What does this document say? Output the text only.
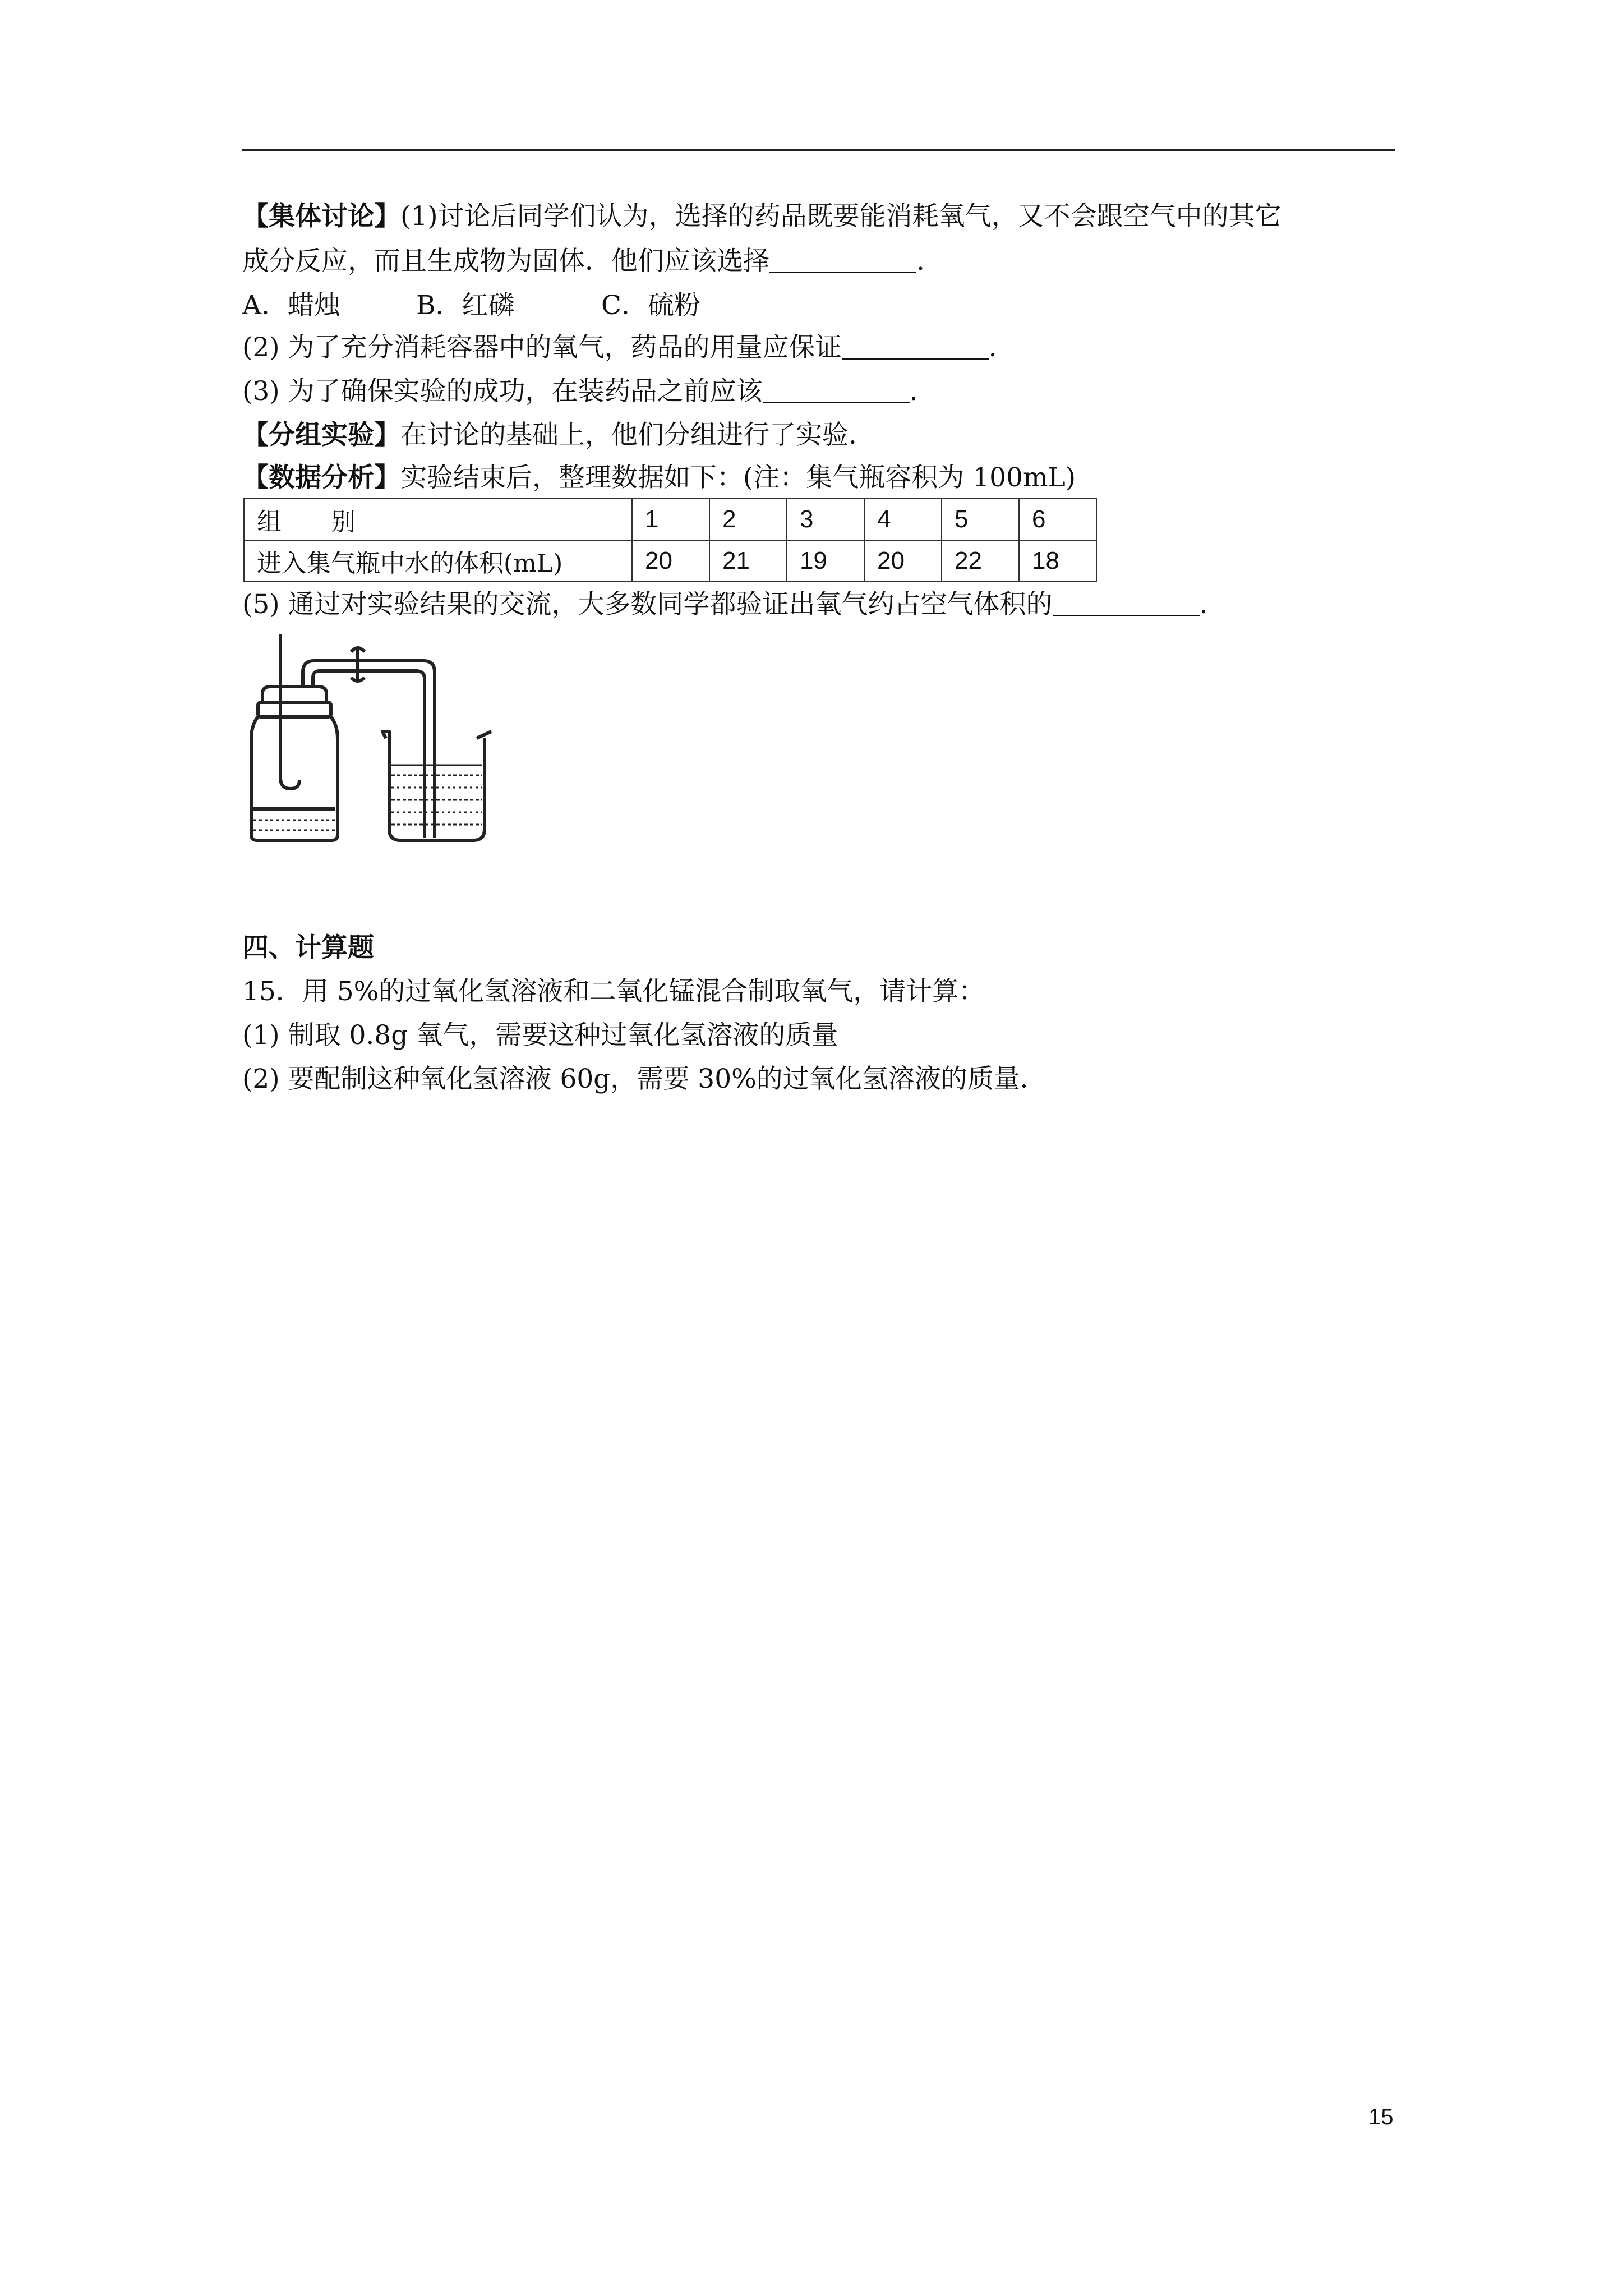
【集体讨论】(1)讨论后同学们认为，选择的药品既要能消耗氧气，又不会跟空气中的其它
成分反应，而且生成物为固体．他们应该选择	.
A．蜡烛	B．红磷	C．硫粉
(2) 为了充分消耗容器中的氧气，药品的用量应保证	.
(3) 为了确保实验的成功，在装药品之前应该	.
【分组实验】在讨论的基础上，他们分组进行了实验．
【数据分析】实验结束后，整理数据如下：(注：集气瓶容积为 100mL)
组　　别	1	2	3	4	5	6
进入集气瓶中水的体积(mL)	20	21	19	20	22	18
(5) 通过对实验结果的交流，大多数同学都验证出氧气约占空气体积的	.
四、计算题
15．用 5%的过氧化氢溶液和二氧化锰混合制取氧气，请计算：
(1) 制取 0.8g 氧气，需要这种过氧化氢溶液的质量
(2) 要配制这种氧化氢溶液 60g，需要 30%的过氧化氢溶液的质量．
15
